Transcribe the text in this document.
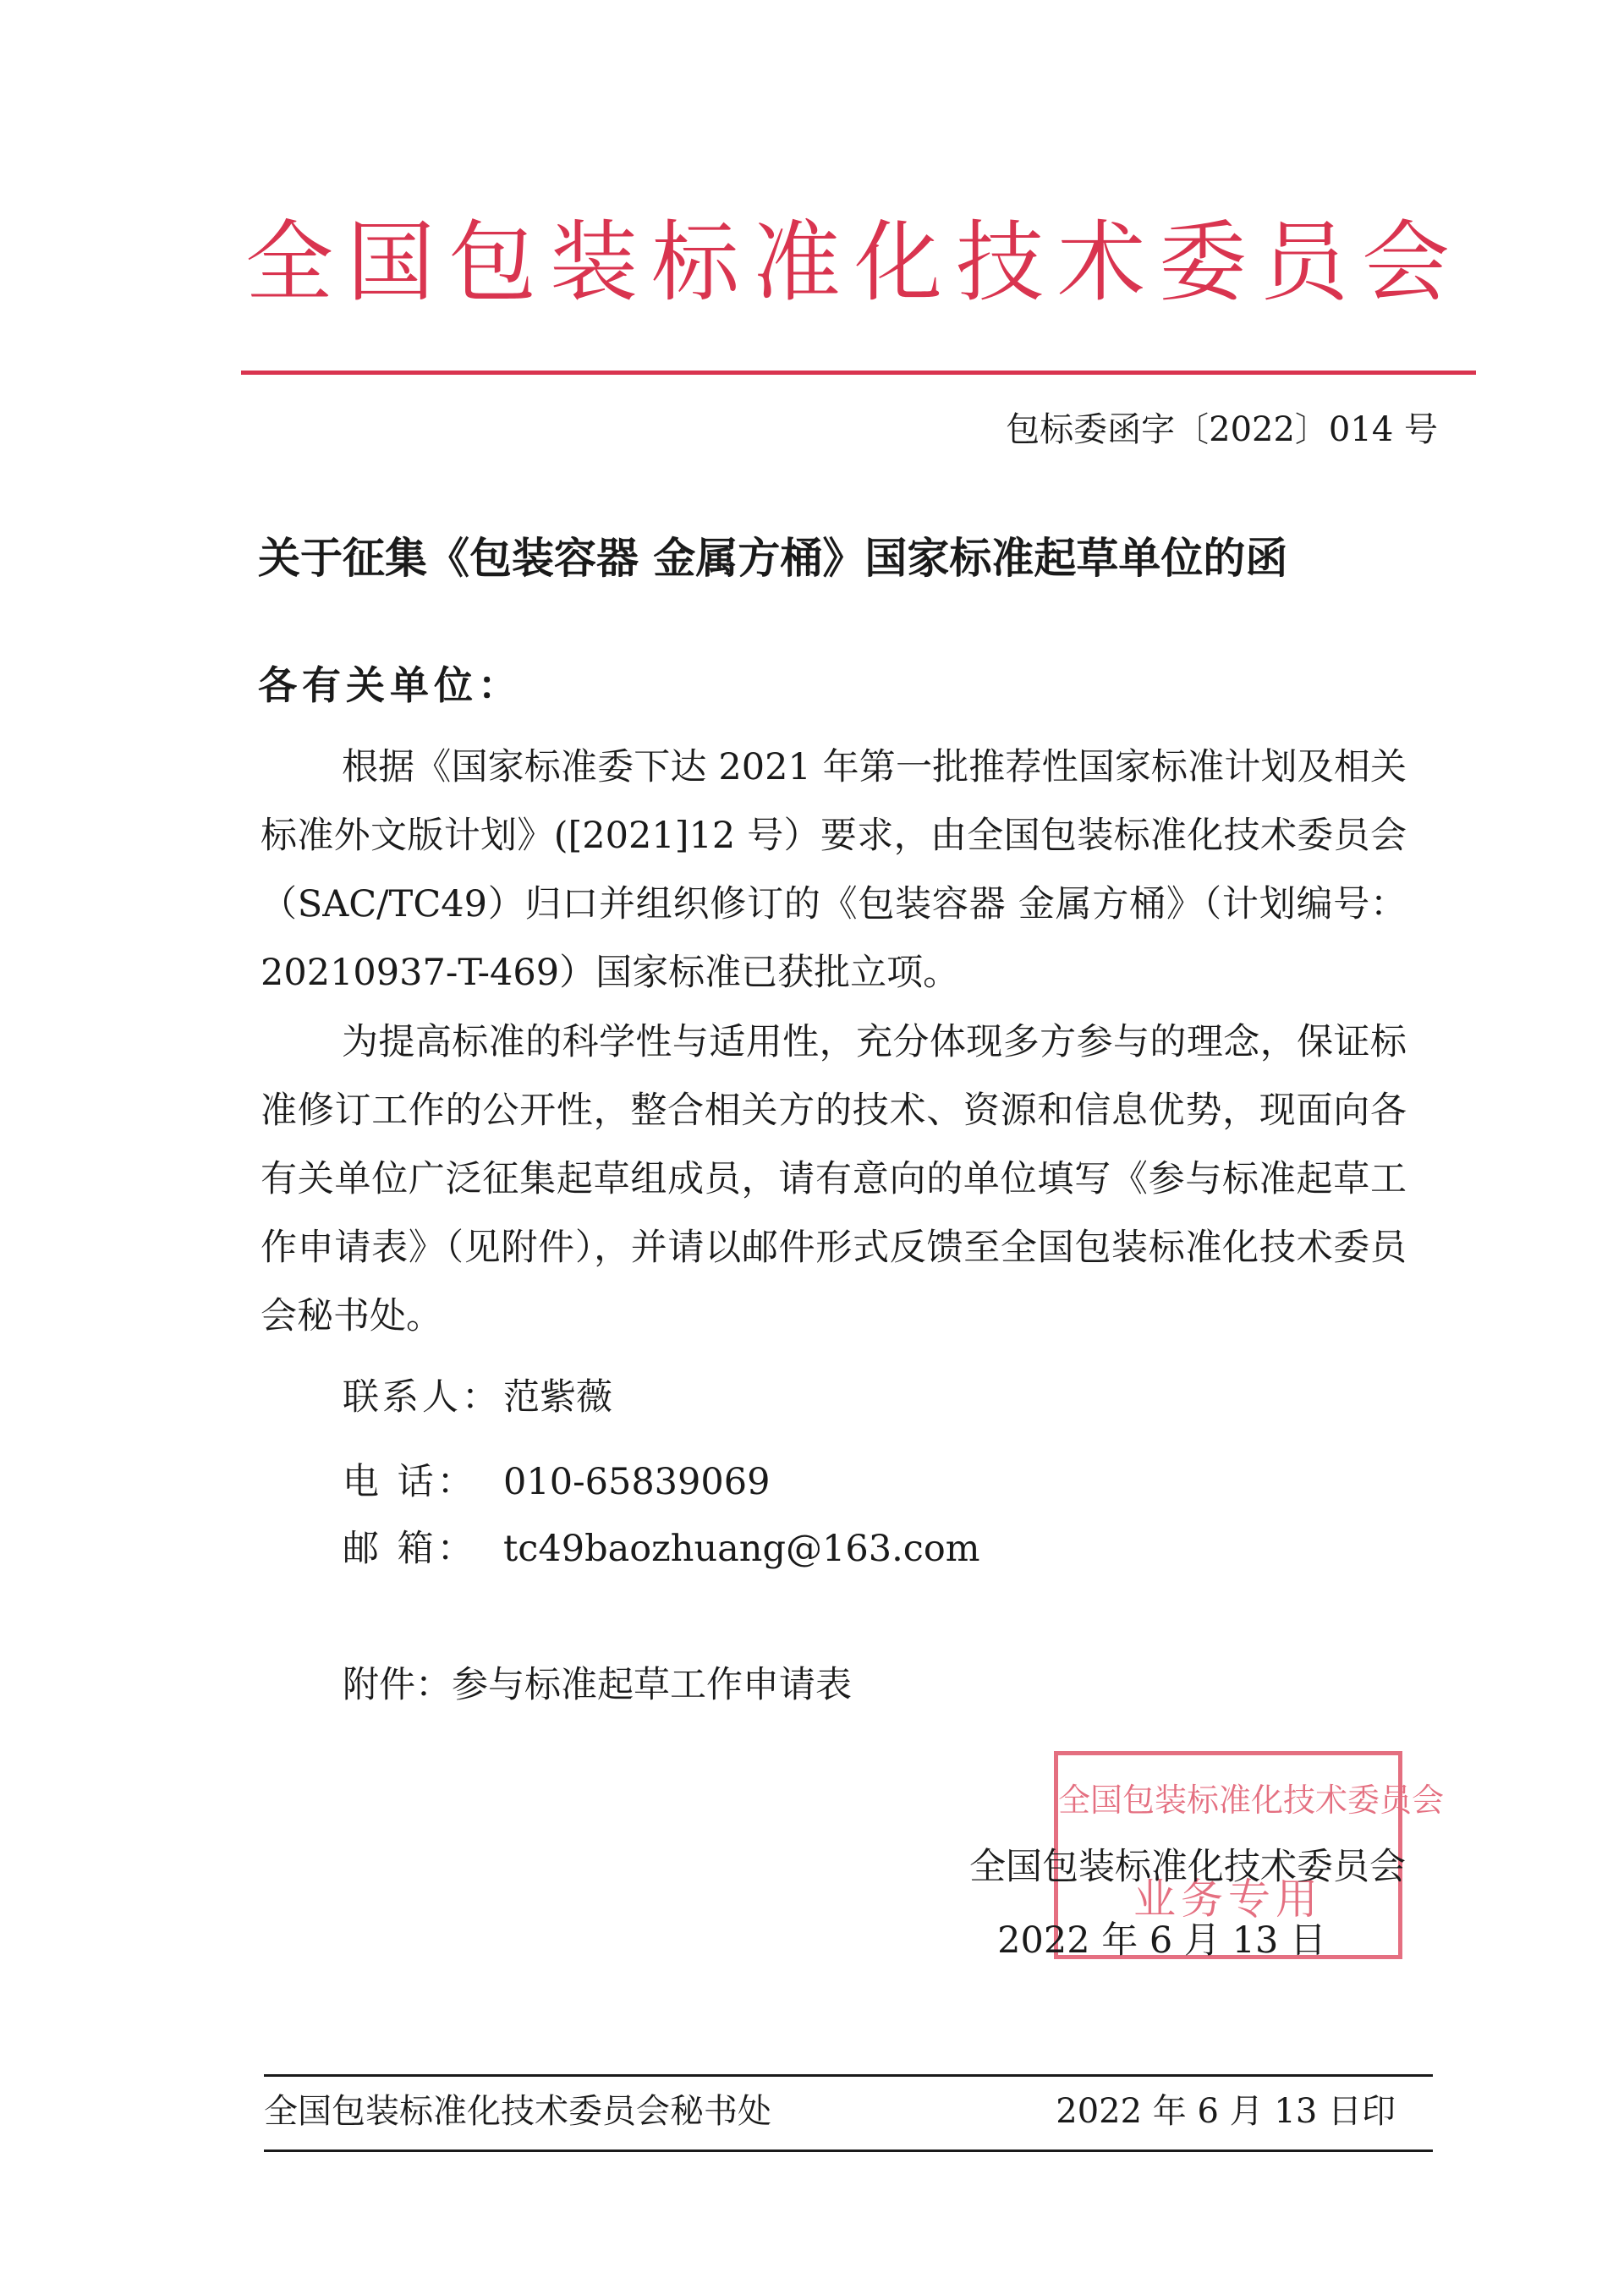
全国包装标准化技术委员会
包标委函字〔2022〕014 号
关于征集《包装容器 金属方桶》国家标准起草单位的函
各有关单位：
根据《国家标准委下达 2021 年第一批推荐性国家标准计划及相关标准外文版计划》([2021]12 号）要求，由全国包装标准化技术委员会（SAC/TC49）归口并组织修订的《包装容器 金属方桶》（计划编号：20210937-T-469）国家标准已获批立项。
为提高标准的科学性与适用性，充分体现多方参与的理念，保证标准修订工作的公开性，整合相关方的技术、资源和信息优势，现面向各有关单位广泛征集起草组成员，请有意向的单位填写《参与标准起草工作申请表》（见附件），并请以邮件形式反馈至全国包装标准化技术委员会秘书处。
联系人：范紫薇
电 话： 010-65839069
邮 箱： tc49baozhuang@163.com
附件：参与标准起草工作申请表
全国包装标准化技术委员会
业务专用
全国包装标准化技术委员会
2022 年 6 月 13 日
全国包装标准化技术委员会秘书处	2022 年 6 月 13 日印
